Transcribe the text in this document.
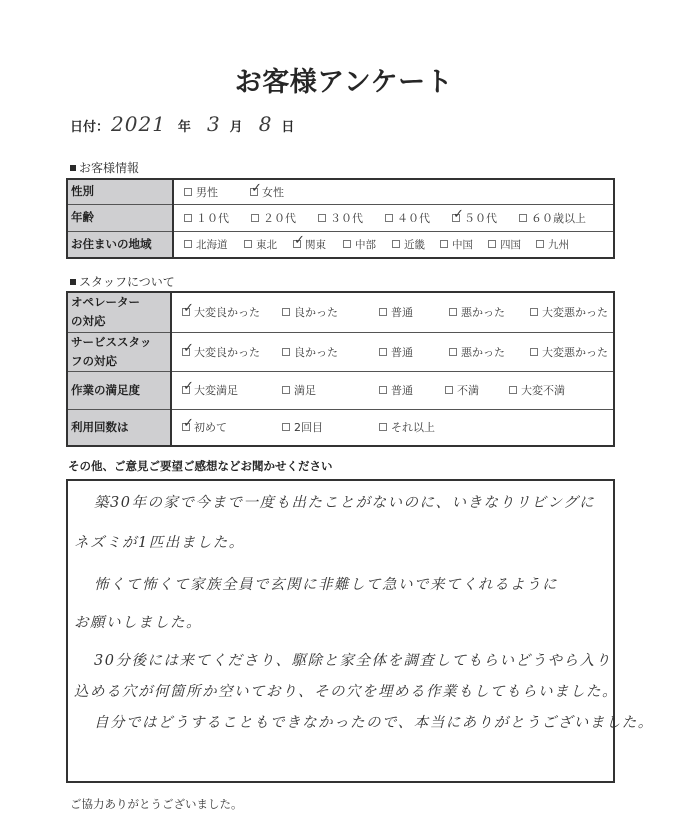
お客様アンケート
日付： 2021 年 3 月 8 日
お客様情報
性別	男性 ✓ 女性

年齢	１０代	２０代	３０代	４０代 ✓ ５０代	６０歳以上

お住まいの地域	北海道	東北 ✓ 関東	中部	近畿	中国	四国	九州
スタッフについて
オペレーター
の対応

✓ 大変良かった	良かった	普通	悪かった	大変悪かった

サービススタッ
フの対応

✓ 大変良かった	良かった	普通	悪かった	大変悪かった

作業の満足度	✓ 大変満足	満足	普通	不満	大変不満

利用回数は	✓ 初めて 2回目 それ以上
その他、ご意見ご要望ご感想などお聞かせください
築30年の家で今まで一度も出たことがないのに、いきなりリビングに
ネズミが1匹出ました。
怖くて怖くて家族全員で玄関に非難して急いで来てくれるように
お願いしました。
30分後には来てくださり、駆除と家全体を調査してもらいどうやら入り
込める穴が何箇所か空いており、その穴を埋める作業もしてもらいました。
自分ではどうすることもできなかったので、本当にありがとうございました。
ご協力ありがとうございました。
